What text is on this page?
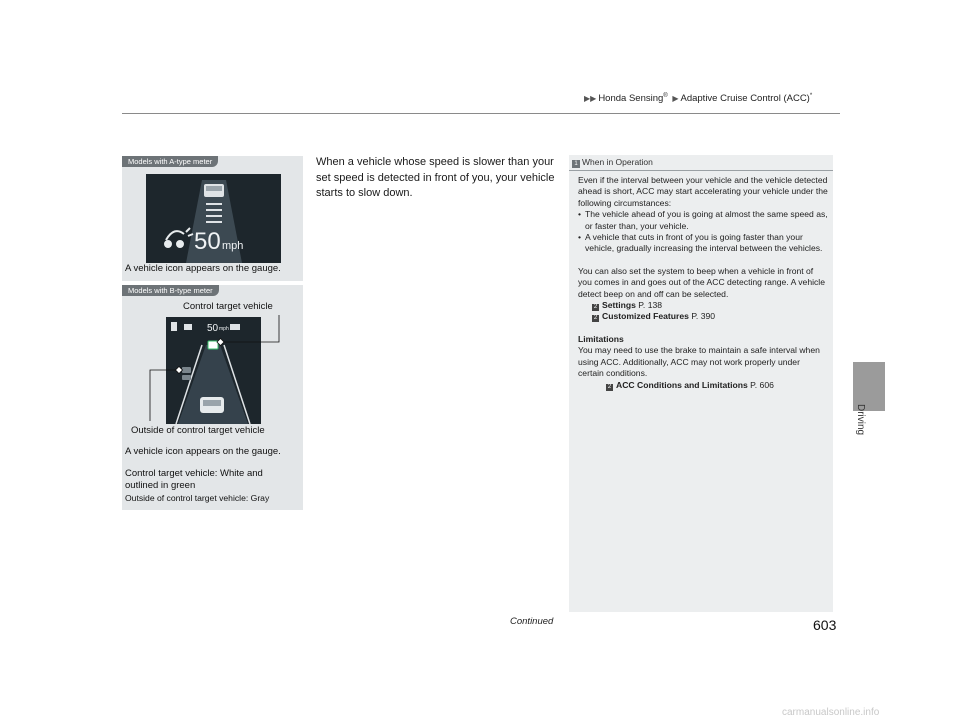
▶▶ Honda Sensing® ▶ Adaptive Cruise Control (ACC)*
Driving
Models with A-type meter
50 mph
A vehicle icon appears on the gauge.
Models with B-type meter
Control target vehicle
50 mph
Outside of control target vehicle
A vehicle icon appears on the gauge.
Control target vehicle: White and
outlined in green
Outside of control target vehicle: Gray
When a vehicle whose speed is slower than your set speed is detected in front of you, your vehicle starts to slow down.
1 When in Operation

Even if the interval between your vehicle and the vehicle detected ahead is short, ACC may start accelerating your vehicle under the following circumstances:

• The vehicle ahead of you is going at almost the same speed as, or faster than, your vehicle.
• A vehicle that cuts in front of you is going faster than your vehicle, gradually increasing the interval between the vehicles.

You can also set the system to beep when a vehicle in front of you comes in and goes out of the ACC detecting range. A vehicle detect beep on and off can be selected.

2 Settings P. 138
2 Customized Features P. 390

Limitations

You may need to use the brake to maintain a safe interval when using ACC. Additionally, ACC may not work properly under certain conditions.

2 ACC Conditions and Limitations P. 606
Continued	603
carmanualsonline.info
